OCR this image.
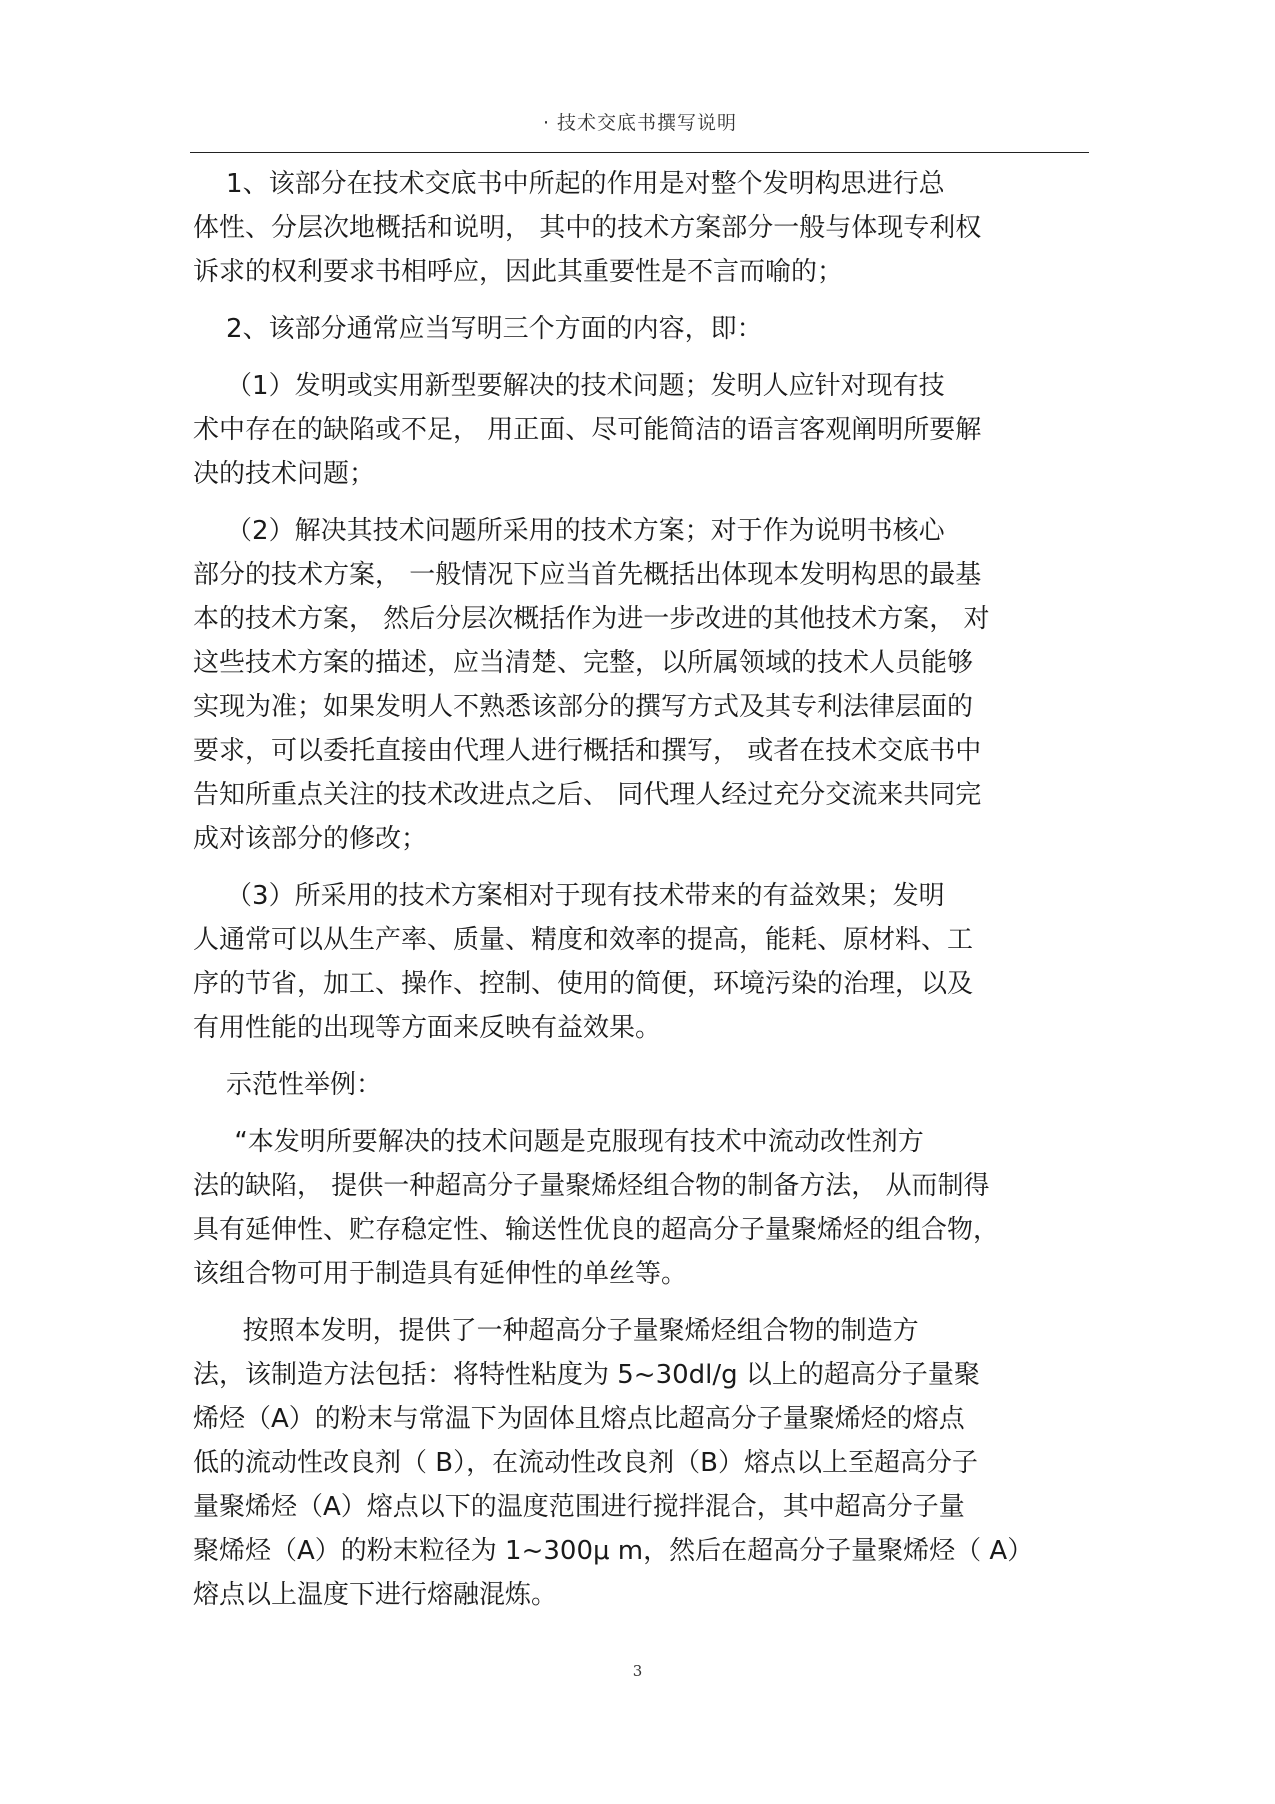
· 技术交底书撰写说明

1、该部分在技术交底书中所起的作用是对整个发明构思进行总
体性、分层次地概括和说明， 其中的技术方案部分一般与体现专利权
诉求的权利要求书相呼应，因此其重要性是不言而喻的；

2、该部分通常应当写明三个方面的内容，即：

（1）发明或实用新型要解决的技术问题；发明人应针对现有技
术中存在的缺陷或不足， 用正面、尽可能简洁的语言客观阐明所要解
决的技术问题；

（2）解决其技术问题所采用的技术方案；对于作为说明书核心
部分的技术方案， 一般情况下应当首先概括出体现本发明构思的最基
本的技术方案， 然后分层次概括作为进一步改进的其他技术方案， 对
这些技术方案的描述，应当清楚、完整，以所属领域的技术人员能够
实现为准；如果发明人不熟悉该部分的撰写方式及其专利法律层面的
要求，可以委托直接由代理人进行概括和撰写， 或者在技术交底书中
告知所重点关注的技术改进点之后、 同代理人经过充分交流来共同完
成对该部分的修改；

（3）所采用的技术方案相对于现有技术带来的有益效果；发明
人通常可以从生产率、质量、精度和效率的提高，能耗、原材料、工
序的节省，加工、操作、控制、使用的简便，环境污染的治理，以及
有用性能的出现等方面来反映有益效果。

示范性举例：

“本发明所要解决的技术问题是克服现有技术中流动改性剂方
法的缺陷， 提供一种超高分子量聚烯烃组合物的制备方法， 从而制得
具有延伸性、贮存稳定性、输送性优良的超高分子量聚烯烃的组合物，
该组合物可用于制造具有延伸性的单丝等。

按照本发明，提供了一种超高分子量聚烯烃组合物的制造方
法，该制造方法包括：将特性粘度为 5~30dl/g 以上的超高分子量聚
烯烃（A）的粉末与常温下为固体且熔点比超高分子量聚烯烃的熔点
低的流动性改良剂（ B），在流动性改良剂（B）熔点以上至超高分子
量聚烯烃（A）熔点以下的温度范围进行搅拌混合，其中超高分子量
聚烯烃（A）的粉末粒径为 1~300μ m，然后在超高分子量聚烯烃（ A）
熔点以上温度下进行熔融混炼。

3
